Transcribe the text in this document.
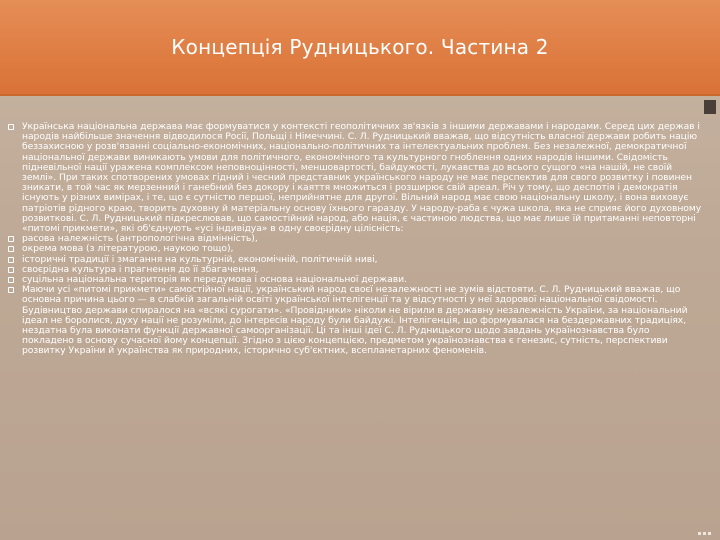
Концепція Рудницького. Частина 2
Українська національна держава має формуватися у контексті геополітичних зв'язків з іншими державами і народами. Серед цих держав і народів найбільше значення відводилося Росії, Польщі і Німеччині. С. Л. Рудницький вважав, що відсутність власної держави робить націю беззахисною у розв'язанні соціально-економічних, національно-політичних та інтелектуальних проблем. Без незалежної, демократичної національної держави виникають умови для політичного, економічного та культурного гноблення одних народів іншими. Свідомість підневільної нації уражена комплексом неповноцінності, меншовартості, байдужості, лукавства до всього сущого «на нашій, не своїй землі». При таких спотворених умовах гідний і чесний представник українського народу не має перспектив для свого розвитку і повинен зникати, в той час як мерзенний і ганебний без докору і каяття множиться і розширює свій ареал. Річ у тому, що деспотія і демократія існують у різних вимірах, і те, що є сутністю першої, неприйнятне для другої. Вільний народ має свою національну школу, і вона виховує патріотів рідного краю, творить духовну й матеріальну основу їхнього гаразду. У народу-раба є чужа школа, яка не сприяє його духовному розвиткові. С. Л. Рудницький підкреслював, що самостійний народ, або нація, є частиною людства, що має лише їй притаманні неповторні «питомі прикмети», які об'єднують «усі індивідуа» в одну своєрідну цілісність:
расова належність (антропологічна відмінність),
окрема мова (з літературою, наукою тощо),
історичні традиції і змагання на культурній, економічній, політичній ниві,
своєрідна культура і прагнення до її збагачення,
суцільна національна територія як передумова і основа національної держави.
Маючи усі «питомі прикмети» самостійної нації, український народ своєї незалежності не зумів відстояти. С. Л. Рудницький вважав, що основна причина цього — в слабкій загальній освіті української інтелігенції та у відсутності у неї здорової національної свідомості. Будівництво держави спиралося на «всякі сурогати». «Провідники» ніколи не вірили в державну незалежність України, за національний ідеал не боролися, духу нації не розуміли, до інтересів народу були байдужі. Інтелігенція, що формувалася на бездержавних традиціях, нездатна була виконати функції державної самоорганізації. Ці та інші ідеї С. Л. Рудницького щодо завдань українознавства було покладено в основу сучасної йому концепції. Згідно з цією концепцією, предметом українознавства є генезис, сутність, перспективи розвитку України й українства як природних, історично суб'єктних, всепланетарних феноменів.
